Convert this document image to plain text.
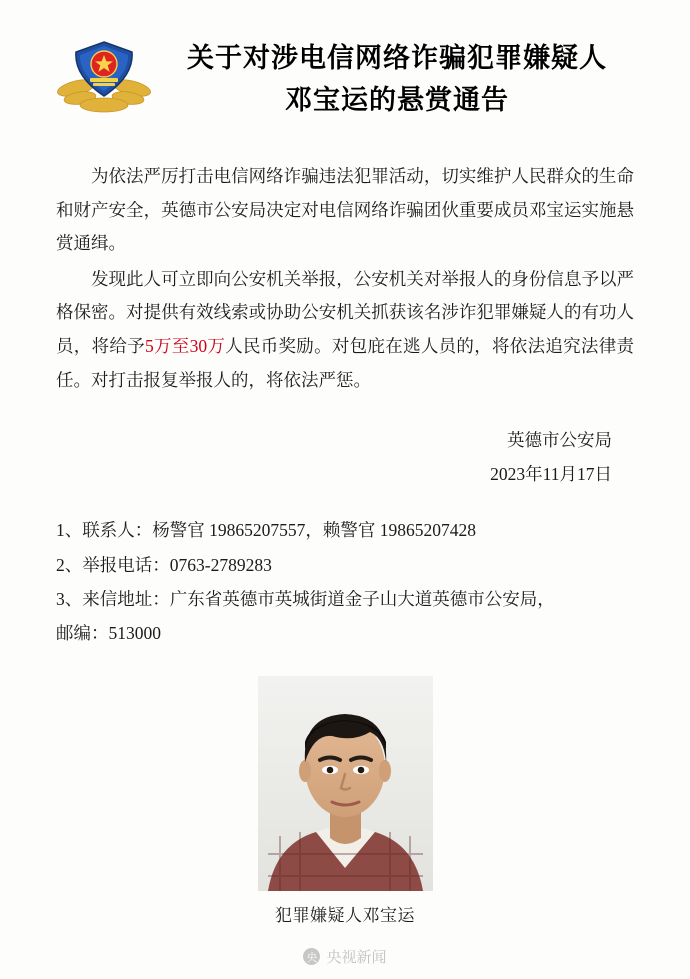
关于对涉电信网络诈骗犯罪嫌疑人
邓宝运的悬赏通告

为依法严厉打击电信网络诈骗违法犯罪活动，切实维护人民群众的生命和财产安全，英德市公安局决定对电信网络诈骗团伙重要成员邓宝运实施悬赏通缉。

发现此人可立即向公安机关举报，公安机关对举报人的身份信息予以严格保密。对提供有效线索或协助公安机关抓获该名涉诈犯罪嫌疑人的有功人员，将给予5万至30万人民币奖励。对包庇在逃人员的，将依法追究法律责任。对打击报复举报人的，将依法严惩。

英德市公安局
2023年11月17日
1、联系人：杨警官 19865207557，赖警官 19865207428
2、举报电话：0763-2789283
3、来信地址：广东省英德市英城街道金子山大道英德市公安局，
邮编：513000
犯罪嫌疑人邓宝运
央 央视新闻
